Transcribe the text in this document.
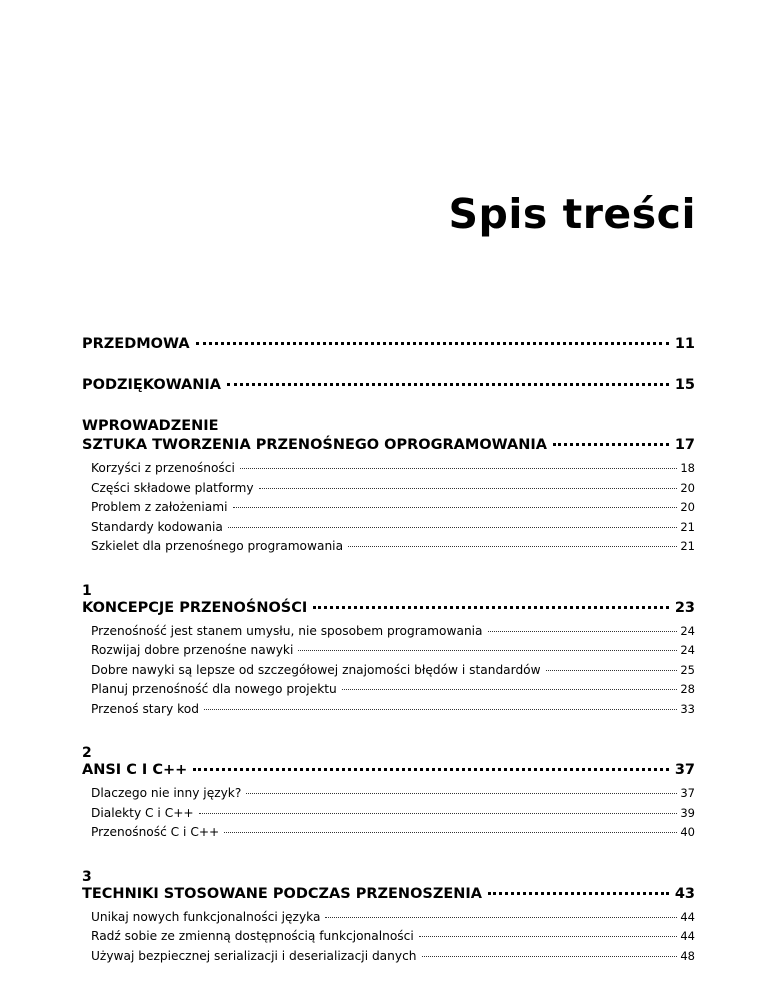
Spis treści
PRZEDMOWA	11
PODZIĘKOWANIA	15
WPROWADZENIE
SZTUKA TWORZENIA PRZENOŚNEGO OPROGRAMOWANIA	17
Korzyści z przenośności	18
Części składowe platformy	20
Problem z założeniami	20
Standardy kodowania	21
Szkielet dla przenośnego programowania	21
1
KONCEPCJE PRZENOŚNOŚCI	23
Przenośność jest stanem umysłu, nie sposobem programowania	24
Rozwijaj dobre przenośne nawyki	24
Dobre nawyki są lepsze od szczegółowej znajomości błędów i standardów	25
Planuj przenośność dla nowego projektu	28
Przenoś stary kod	33
2
ANSI C I C++	37
Dlaczego nie inny język?	37
Dialekty C i C++	39
Przenośność C i C++	40
3
TECHNIKI STOSOWANE PODCZAS PRZENOSZENIA	43
Unikaj nowych funkcjonalności języka	44
Radź sobie ze zmienną dostępnością funkcjonalności	44
Używaj bezpiecznej serializacji i deserializacji danych	48
